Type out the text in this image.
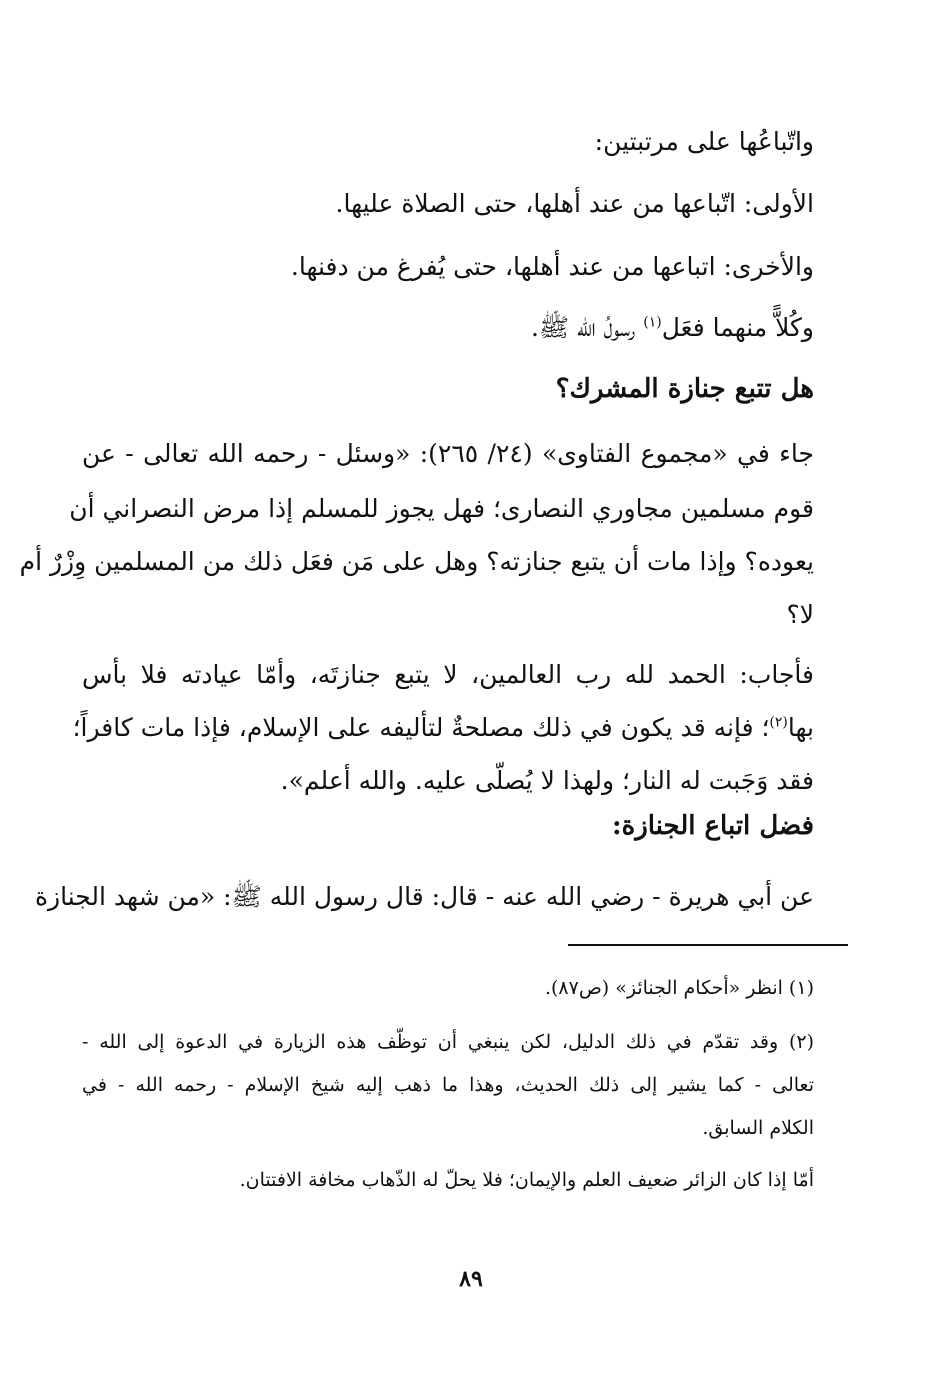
واتّباعُها على مرتبتين:
الأولى: اتّباعها من عند أهلها، حتى الصلاة عليها.
والأخرى: اتباعها من عند أهلها، حتى يُفرغ من دفنها.
وكُلاًّ منهما فعَل$^{(١)}$ رسولُ الله ﷺ.
هل تتبع جنازة المشرك؟
جاء في «مجموع الفتاوى» (٢٤/ ٢٦٥): «وسئل - رحمه الله تعالى - عن
قوم مسلمين مجاوري النصارى؛ فهل يجوز للمسلم إذا مرض النصراني أن
يعوده؟ وإذا مات أن يتبع جنازته؟ وهل على مَن فعَل ذلك من المسلمين وِزْرٌ أم
لا؟
فأجاب: الحمد لله رب العالمين، لا يتبع جنازتَه، وأمّا عيادته فلا بأس
بها$^{(٢)}$؛ فإنه قد يكون في ذلك مصلحةٌ لتأليفه على الإسلام، فإذا مات كافراً؛
فقد وَجَبت له النار؛ ولهذا لا يُصلّى عليه. والله أعلم».
فضل اتباع الجنازة:
عن أبي هريرة - رضي الله عنه - قال: قال رسول الله ﷺ: «من شهد الجنازة
(١) انظر «أحكام الجنائز» (ص٨٧).
(٢) وقد تقدّم في ذلك الدليل، لكن ينبغي أن توظّف هذه الزيارة في الدعوة إلى الله -
تعالى - كما يشير إلى ذلك الحديث، وهذا ما ذهب إليه شيخ الإسلام - رحمه الله - في
الكلام السابق.
أمّا إذا كان الزائر ضعيف العلم والإيمان؛ فلا يحلّ له الذّهاب مخافة الافتتان.
٨٩
